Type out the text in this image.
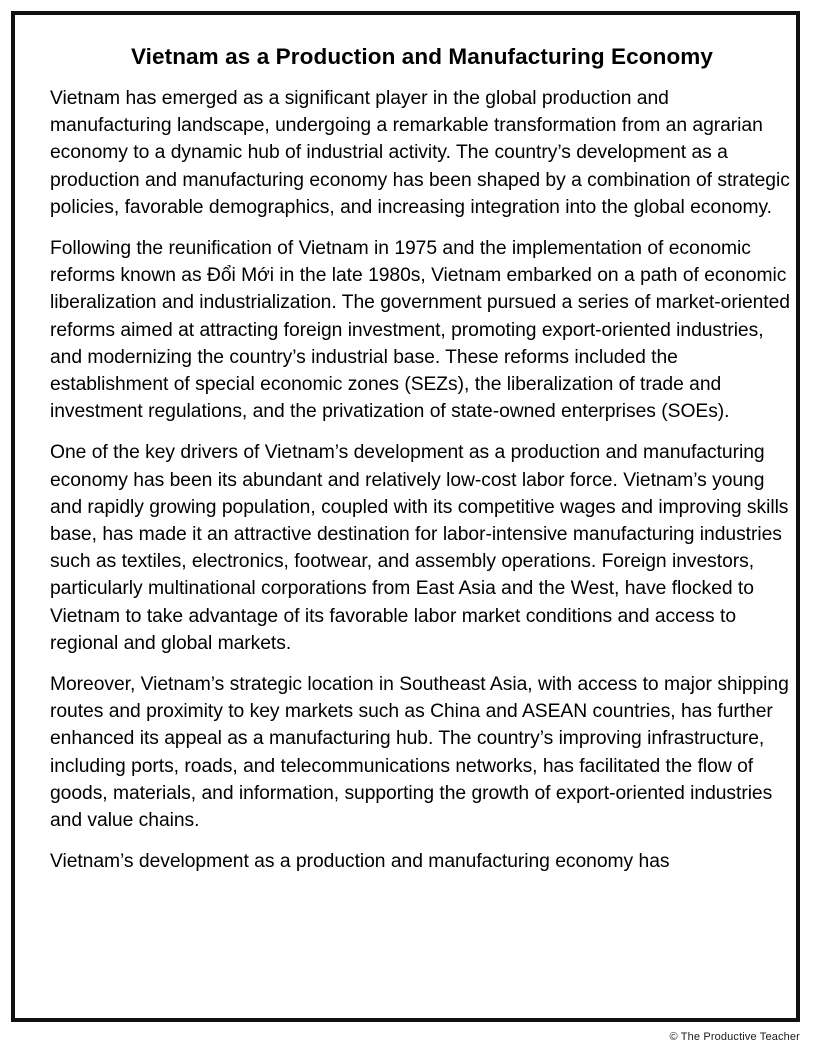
Vietnam as a Production and Manufacturing Economy

Vietnam has emerged as a significant player in the global production and manufacturing landscape, undergoing a remarkable transformation from an agrarian economy to a dynamic hub of industrial activity. The country’s development as a production and manufacturing economy has been shaped by a combination of strategic policies, favorable demographics, and increasing integration into the global economy.

Following the reunification of Vietnam in 1975 and the implementation of economic reforms known as Đổi Mới in the late 1980s, Vietnam embarked on a path of economic liberalization and industrialization. The government pursued a series of market-oriented reforms aimed at attracting foreign investment, promoting export-oriented industries, and modernizing the country’s industrial base. These reforms included the establishment of special economic zones (SEZs), the liberalization of trade and investment regulations, and the privatization of state-owned enterprises (SOEs).

One of the key drivers of Vietnam’s development as a production and manufacturing economy has been its abundant and relatively low-cost labor force. Vietnam’s young and rapidly growing population, coupled with its competitive wages and improving skills base, has made it an attractive destination for labor-intensive manufacturing industries such as textiles, electronics, footwear, and assembly operations. Foreign investors, particularly multinational corporations from East Asia and the West, have flocked to Vietnam to take advantage of its favorable labor market conditions and access to regional and global markets.

Moreover, Vietnam’s strategic location in Southeast Asia, with access to major shipping routes and proximity to key markets such as China and ASEAN countries, has further enhanced its appeal as a manufacturing hub. The country’s improving infrastructure, including ports, roads, and telecommunications networks, has facilitated the flow of goods, materials, and information, supporting the growth of export-oriented industries and value chains.

Vietnam’s development as a production and manufacturing economy has

© The Productive Teacher
